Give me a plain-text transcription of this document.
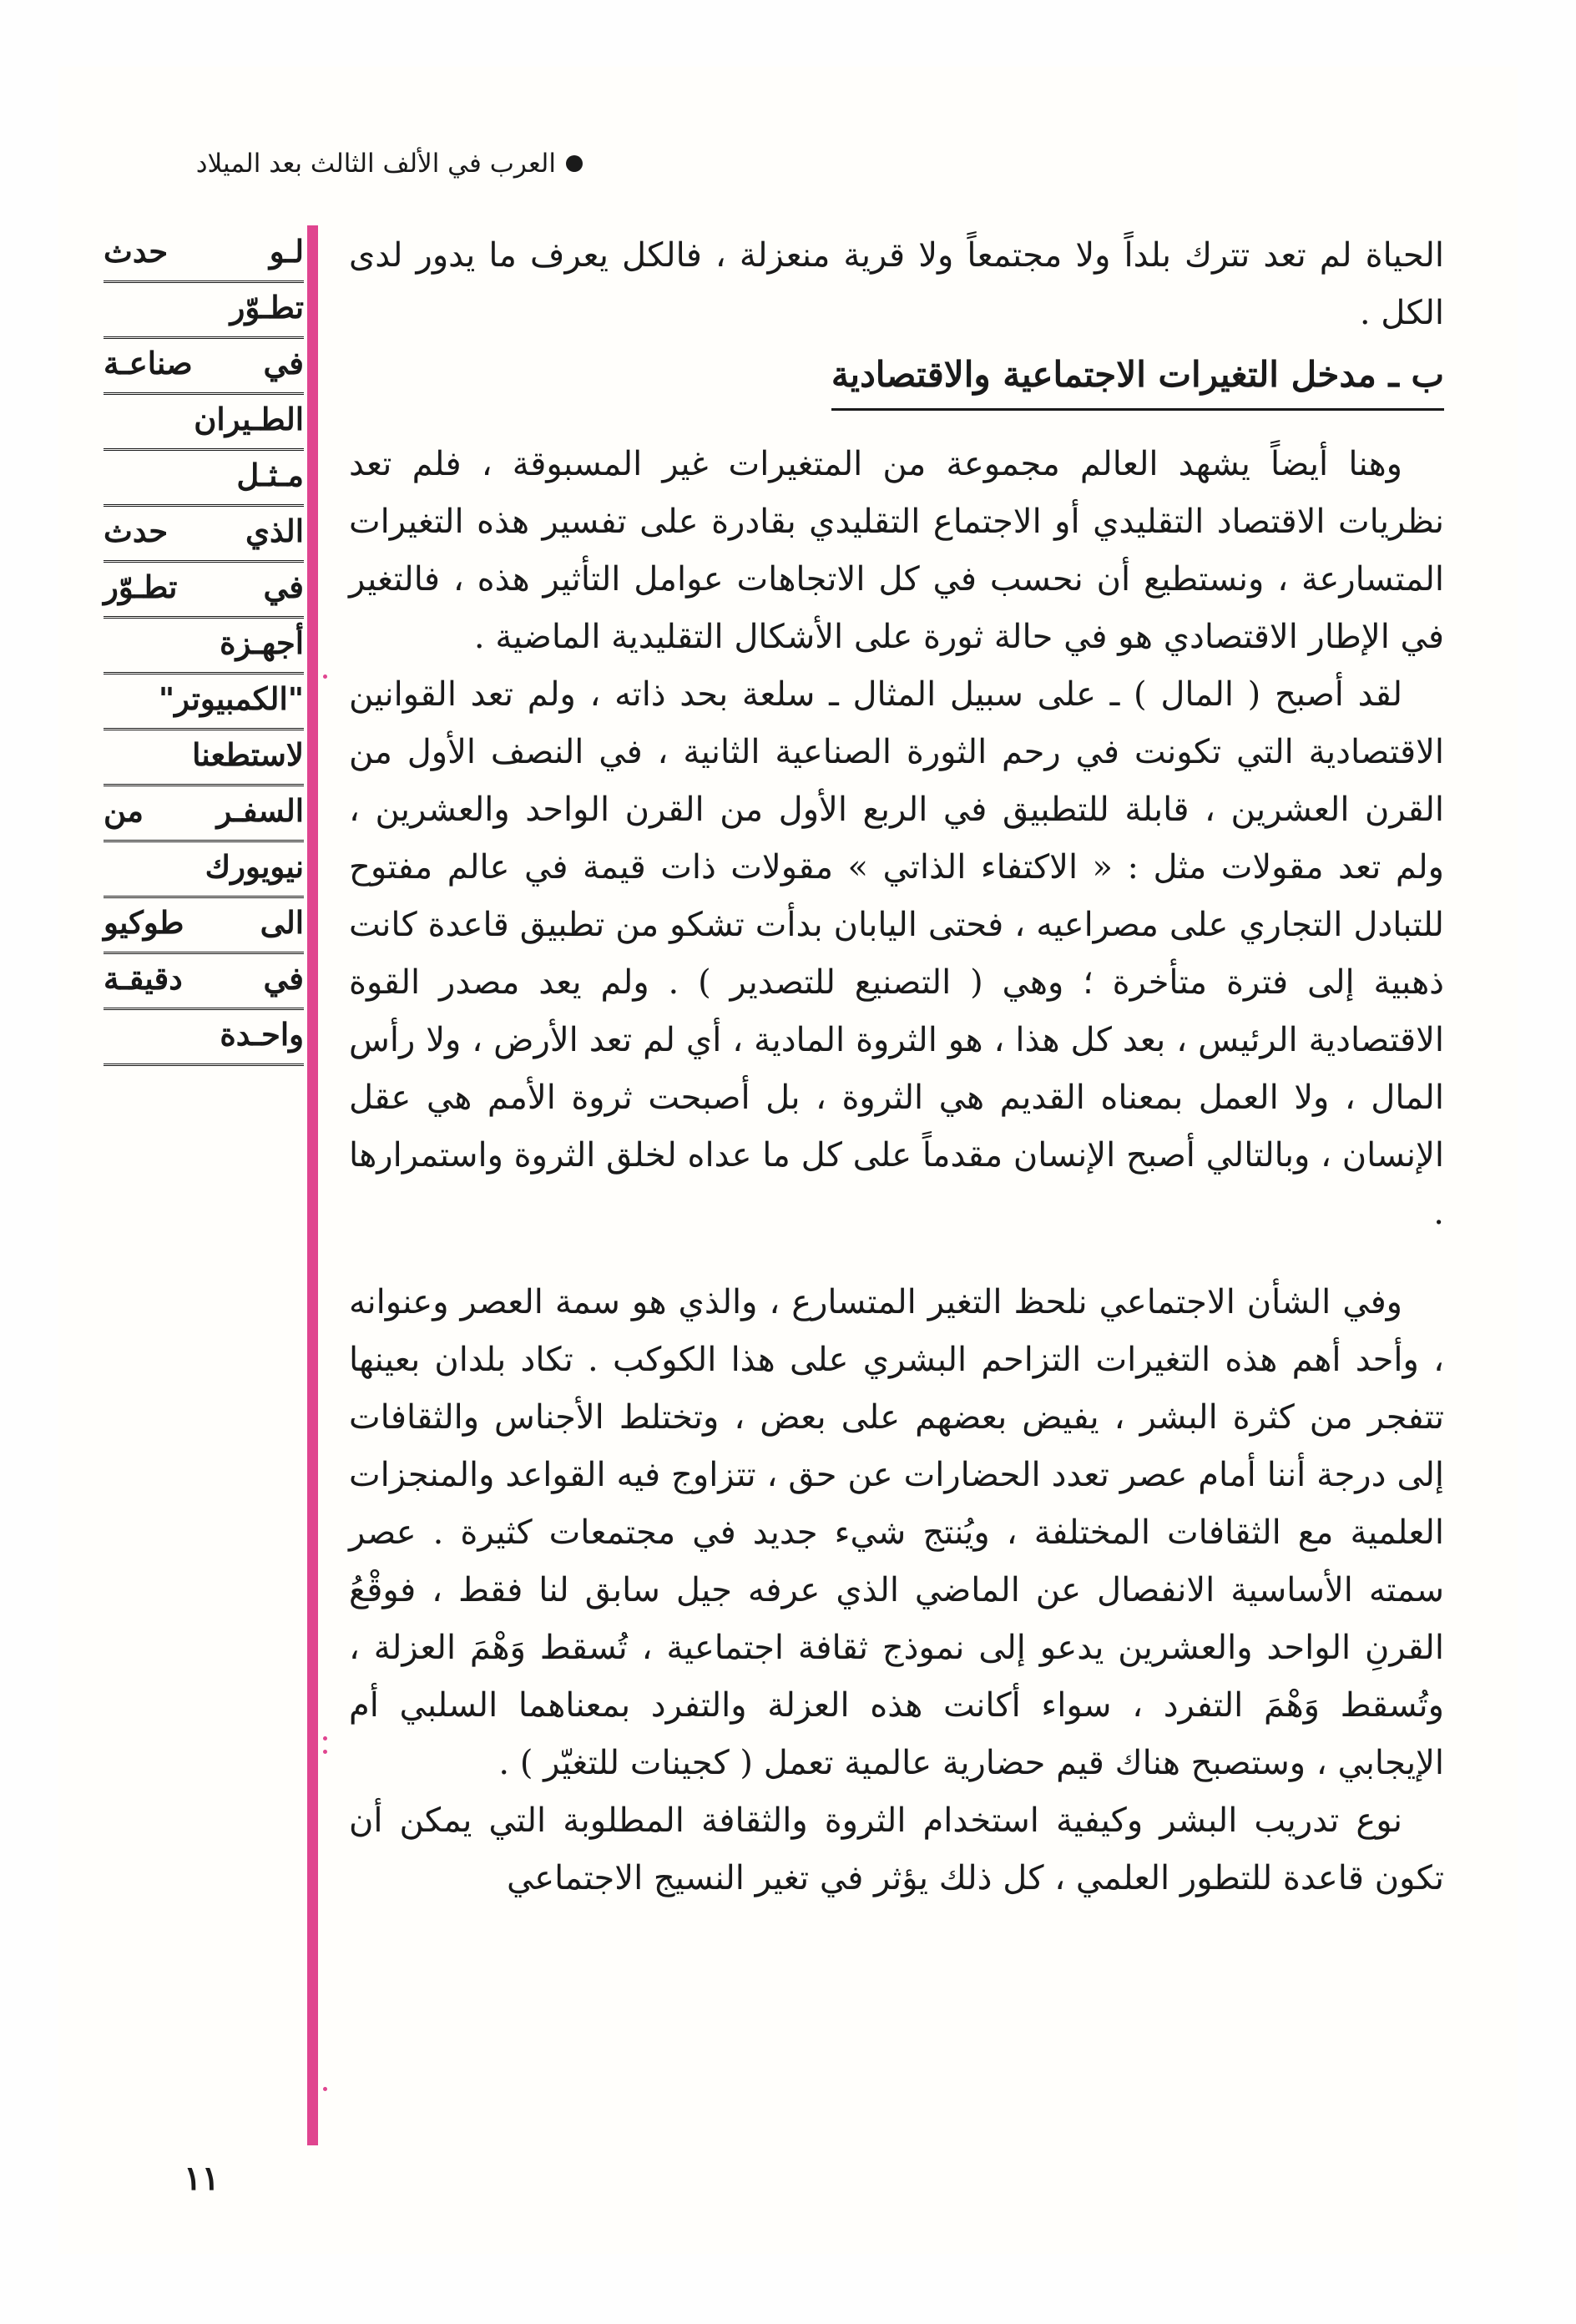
العرب في الألف الثالث بعد الميلاد
لـو حدث
تطـوّر
في صناعـة
الطـيران
مـثـل
الذي حدث
في تطـوّر
أجهـزة
"الكمبيوتر"
لاستطعنا
السفـر من
نيويورك
الى طوكيو
في دقيقـة
واحـدة

الحياة لم تعد تترك بلداً ولا مجتمعاً ولا قرية منعزلة ، فالكل يعرف ما يدور لدى الكل .

ب ـ مدخل التغيرات الاجتماعية والاقتصادية

وهنا أيضاً يشهد العالم مجموعة من المتغيرات غير المسبوقة ، فلم تعد نظريات الاقتصاد التقليدي أو الاجتماع التقليدي بقادرة على تفسير هذه التغيرات المتسارعة ، ونستطيع أن نحسب في كل الاتجاهات عوامل التأثير هذه ، فالتغير في الإطار الاقتصادي هو في حالة ثورة على الأشكال التقليدية الماضية .

لقد أصبح ( المال ) ـ على سبيل المثال ـ سلعة بحد ذاته ، ولم تعد القوانين الاقتصادية التي تكونت في رحم الثورة الصناعية الثانية ، في النصف الأول من القرن العشرين ، قابلة للتطبيق في الربع الأول من القرن الواحد والعشرين ، ولم تعد مقولات مثل : « الاكتفاء الذاتي » مقولات ذات قيمة في عالم مفتوح للتبادل التجاري على مصراعيه ، فحتى اليابان بدأت تشكو من تطبيق قاعدة كانت ذهبية إلى فترة متأخرة ؛ وهي ( التصنيع للتصدير ) . ولم يعد مصدر القوة الاقتصادية الرئيس ، بعد كل هذا ، هو الثروة المادية ، أي لم تعد الأرض ، ولا رأس المال ، ولا العمل بمعناه القديم هي الثروة ، بل أصبحت ثروة الأمم هي عقل الإنسان ، وبالتالي أصبح الإنسان مقدماً على كل ما عداه لخلق الثروة واستمرارها .

وفي الشأن الاجتماعي نلحظ التغير المتسارع ، والذي هو سمة العصر وعنوانه ، وأحد أهم هذه التغيرات التزاحم البشري على هذا الكوكب . تكاد بلدان بعينها تتفجر من كثرة البشر ، يفيض بعضهم على بعض ، وتختلط الأجناس والثقافات إلى درجة أننا أمام عصر تعدد الحضارات عن حق ، تتزاوج فيه القواعد والمنجزات العلمية مع الثقافات المختلفة ، ويُنتج شيء جديد في مجتمعات كثيرة . عصر سمته الأساسية الانفصال عن الماضي الذي عرفه جيل سابق لنا فقط ، فوقْعُ القرنِ الواحد والعشرين يدعو إلى نموذج ثقافة اجتماعية ، تُسقط وَهْمَ العزلة ، وتُسقط وَهْمَ التفرد ، سواء أكانت هذه العزلة والتفرد بمعناهما السلبي أم الإيجابي ، وستصبح هناك قيم حضارية عالمية تعمل ( كجينات للتغيّر ) .

نوع تدريب البشر وكيفية استخدام الثروة والثقافة المطلوبة التي يمكن أن تكون قاعدة للتطور العلمي ، كل ذلك يؤثر في تغير النسيج الاجتماعي

١١
